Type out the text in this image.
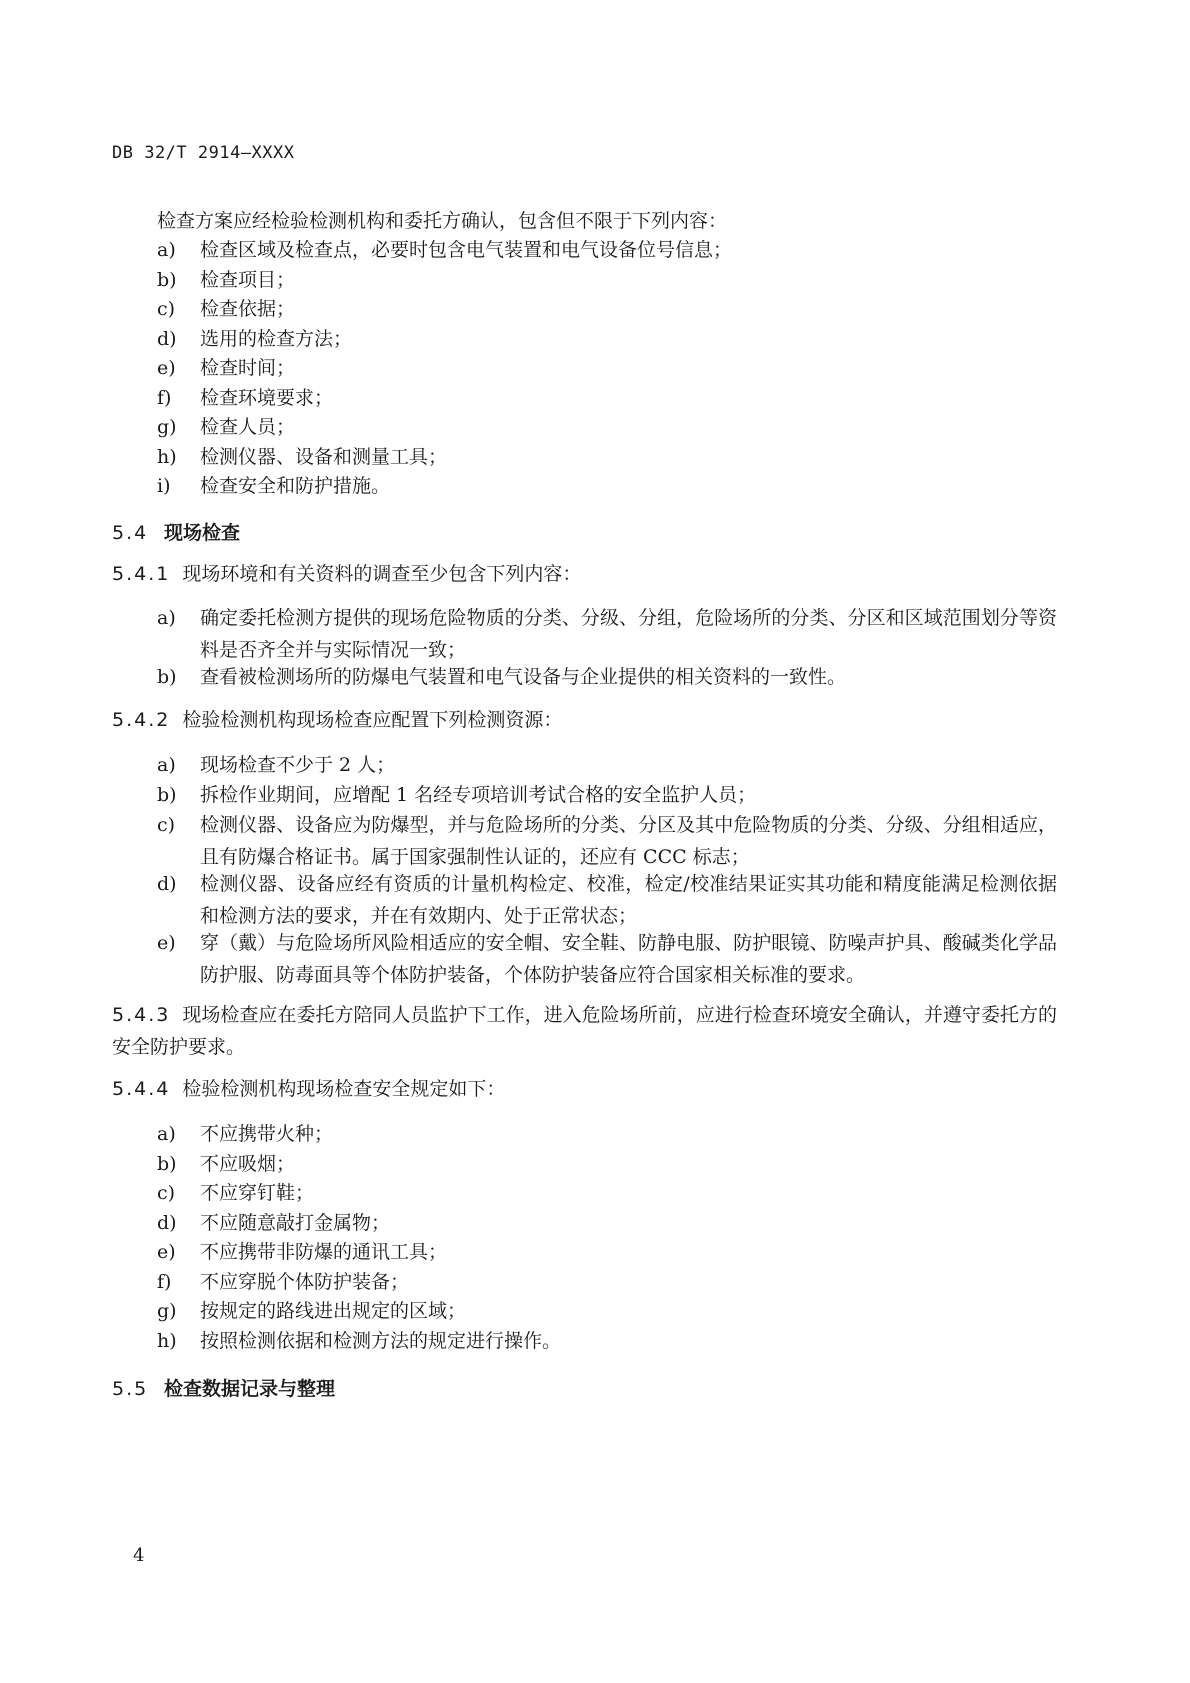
DB 32/T 2914—XXXX
检查方案应经检验检测机构和委托方确认，包含但不限于下列内容：
a)	检查区域及检查点，必要时包含电气装置和电气设备位号信息；
b)	检查项目；
c)	检查依据；
d)	选用的检查方法；
e)	检查时间；
f)	检查环境要求；
g)	检查人员；
h)	检测仪器、设备和测量工具；
i)	检查安全和防护措施。
5.4 现场检查
5.4.1 现场环境和有关资料的调查至少包含下列内容：
a)	确定委托检测方提供的现场危险物质的分类、分级、分组，危险场所的分类、分区和区域范围划分等资料是否齐全并与实际情况一致；
b)	查看被检测场所的防爆电气装置和电气设备与企业提供的相关资料的一致性。
5.4.2 检验检测机构现场检查应配置下列检测资源：
a)	现场检查不少于 2 人；
b)	拆检作业期间，应增配 1 名经专项培训考试合格的安全监护人员；
c)	检测仪器、设备应为防爆型，并与危险场所的分类、分区及其中危险物质的分类、分级、分组相适应，且有防爆合格证书。属于国家强制性认证的，还应有 CCC 标志；
d)	检测仪器、设备应经有资质的计量机构检定、校准，检定/校准结果证实其功能和精度能满足检测依据和检测方法的要求，并在有效期内、处于正常状态；
e)	穿（戴）与危险场所风险相适应的安全帽、安全鞋、防静电服、防护眼镜、防噪声护具、酸碱类化学品防护服、防毒面具等个体防护装备，个体防护装备应符合国家相关标准的要求。
5.4.3 现场检查应在委托方陪同人员监护下工作，进入危险场所前，应进行检查环境安全确认，并遵守委托方的安全防护要求。
5.4.4 检验检测机构现场检查安全规定如下：
a)	不应携带火种；
b)	不应吸烟；
c)	不应穿钉鞋；
d)	不应随意敲打金属物；
e)	不应携带非防爆的通讯工具；
f)	不应穿脱个体防护装备；
g)	按规定的路线进出规定的区域；
h)	按照检测依据和检测方法的规定进行操作。
5.5 检查数据记录与整理
4
